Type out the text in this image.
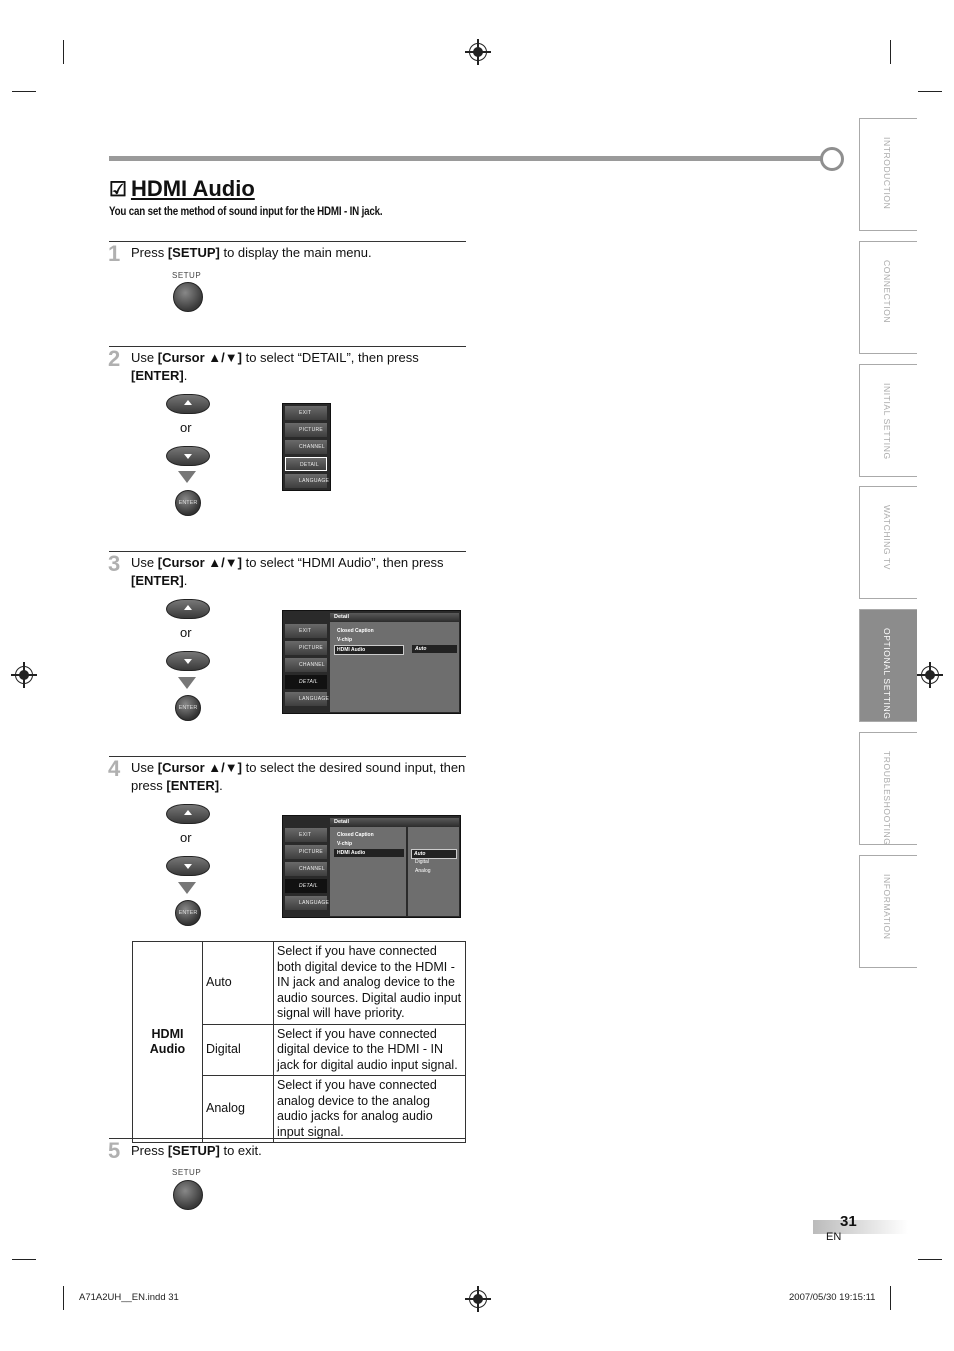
☑ HDMI Audio
You can set the method of sound input for the HDMI - IN jack.
1 Press [SETUP] to display the main menu.
SETUP
2 Use [Cursor ▲/▼] to select “DETAIL”, then press [ENTER].
or
ENTER
EXIT
PICTURE
CHANNEL
DETAIL
LANGUAGE
3 Use [Cursor ▲/▼] to select “HDMI Audio”, then press [ENTER].
or
ENTER
EXIT
PICTURE
CHANNEL
DETAIL
LANGUAGE
Detail
Closed Caption
V-chip
HDMI Audio	Auto
4 Use [Cursor ▲/▼] to select the desired sound input, then press [ENTER].
or
ENTER
EXIT
PICTURE
CHANNEL
DETAIL
LANGUAGE
Detail
Closed Caption
V-chip
HDMI Audio	Auto
Digital
Analog
HDMI
Audio	Auto	Select if you have connected both digital device to the HDMI - IN jack and analog device to the audio sources. Digital audio input signal will have priority.
	Digital	Select if you have connected digital device to the HDMI - IN jack for digital audio input signal.
	Analog	Select if you have connected analog device to the analog audio jacks for analog audio input signal.
5 Press [SETUP] to exit.
SETUP
INTRODUCTION
CONNECTION
INITIAL SETTING
WATCHING TV
OPTIONAL SETTING
TROUBLESHOOTING
INFORMATION
31
EN
A71A2UH__EN.indd 31	2007/05/30 19:15:11
